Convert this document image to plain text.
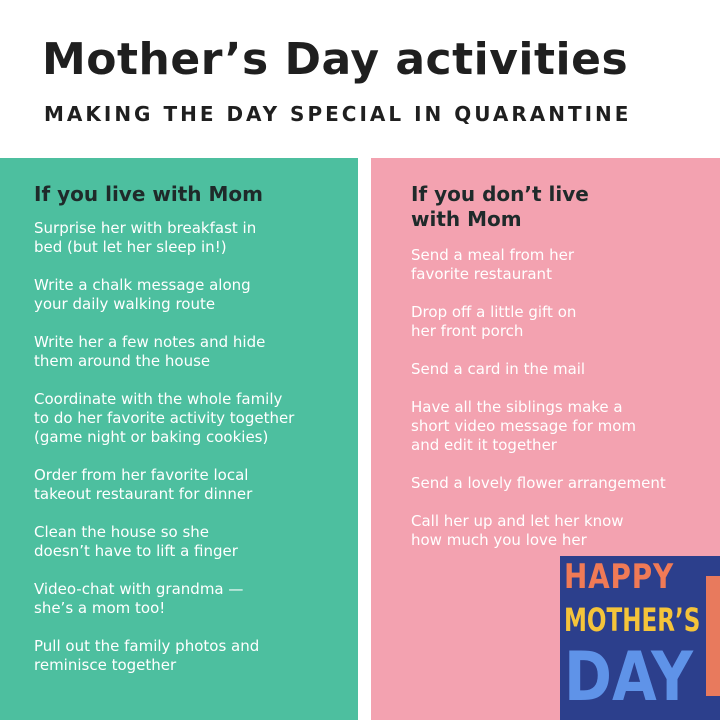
Mother’s Day activities
MAKING THE DAY SPECIAL IN QUARANTINE
If you live with Mom
Surprise her with breakfast in
bed (but let her sleep in!)
Write a chalk message along
your daily walking route
Write her a few notes and hide
them around the house
Coordinate with the whole family
to do her favorite activity together
(game night or baking cookies)
Order from her favorite local
takeout restaurant for dinner
Clean the house so she
doesn’t have to lift a finger
Video-chat with grandma —
she’s a mom too!
Pull out the family photos and
reminisce together
If you don’t live
with Mom
Send a meal from her
favorite restaurant
Drop off a little gift on
her front porch
Send a card in the mail
Have all the siblings make a
short video message for mom
and edit it together
Send a lovely flower arrangement
Call her up and let her know
how much you love her
HAPPY
MOTHER’S
DAY
